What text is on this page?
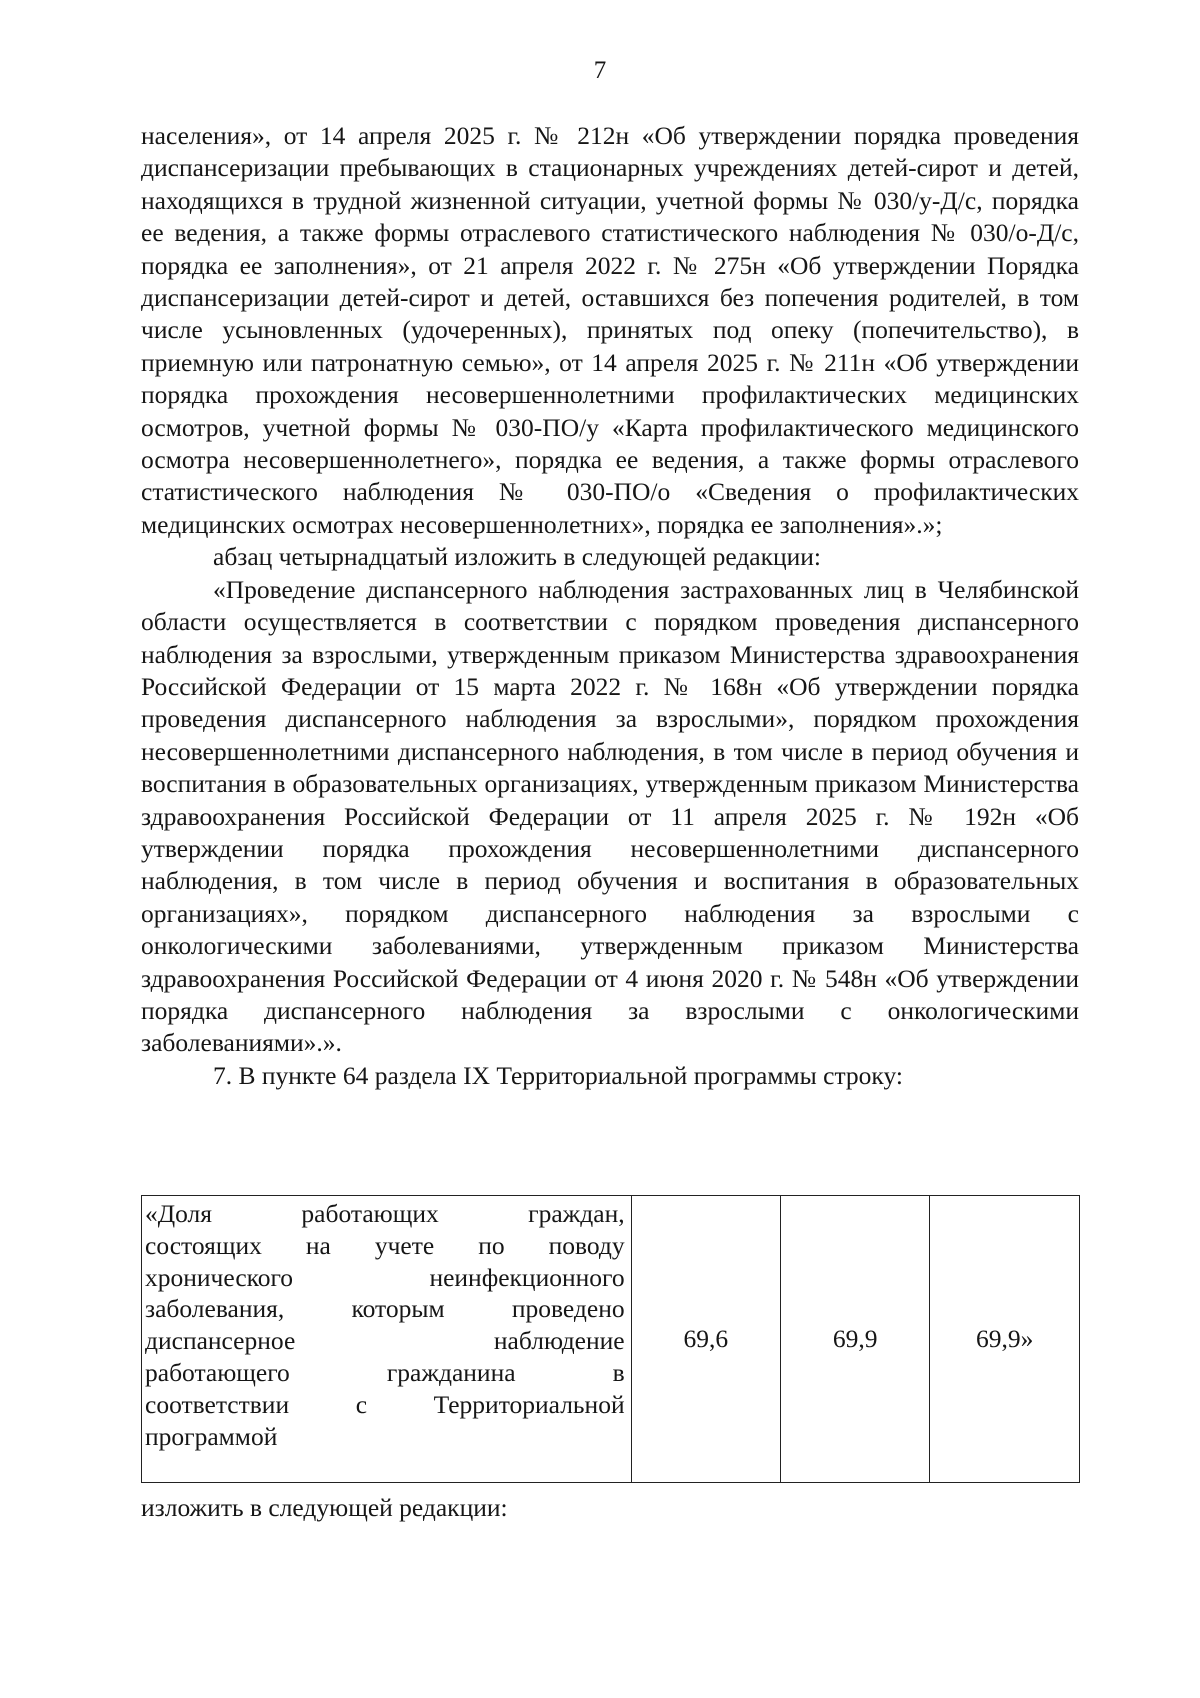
7

населения», от 14 апреля 2025 г. № 212н «Об утверждении порядка проведения диспансеризации пребывающих в стационарных учреждениях детей-сирот и детей, находящихся в трудной жизненной ситуации, учетной формы № 030/у-Д/с, порядка ее ведения, а также формы отраслевого статистического наблюдения № 030/о-Д/с, порядка ее заполнения», от 21 апреля 2022 г. № 275н «Об утверждении Порядка диспансеризации детей-сирот и детей, оставшихся без попечения родителей, в том числе усыновленных (удочеренных), принятых под опеку (попечительство), в приемную или патронатную семью», от 14 апреля 2025 г. № 211н «Об утверждении порядка прохождения несовершеннолетними профилактических медицинских осмотров, учетной формы № 030-ПО/у «Карта профилактического медицинского осмотра несовершеннолетнего», порядка ее ведения, а также формы отраслевого статистического наблюдения № 030-ПО/о «Сведения о профилактических медицинских осмотрах несовершеннолетних», порядка ее заполнения».»;

абзац четырнадцатый изложить в следующей редакции:

«Проведение диспансерного наблюдения застрахованных лиц в Челябинской области осуществляется в соответствии с порядком проведения диспансерного наблюдения за взрослыми, утвержденным приказом Министерства здравоохранения Российской Федерации от 15 марта 2022 г. № 168н «Об утверждении порядка проведения диспансерного наблюдения за взрослыми», порядком прохождения несовершеннолетними диспансерного наблюдения, в том числе в период обучения и воспитания в образовательных организациях, утвержденным приказом Министерства здравоохранения Российской Федерации от 11 апреля 2025 г. № 192н «Об утверждении порядка прохождения несовершеннолетними диспансерного наблюдения, в том числе в период обучения и воспитания в образовательных организациях», порядком диспансерного наблюдения за взрослыми с онкологическими заболеваниями, утвержденным приказом Министерства здравоохранения Российской Федерации от 4 июня 2020 г. № 548н «Об утверждении порядка диспансерного наблюдения за взрослыми с онкологическими заболеваниями».».

7. В пункте 64 раздела IX Территориальной программы строку:

«Доля работающих граждан,
состоящих на учете по поводу
хронического неинфекционного
заболевания, которым проведено
диспансерное наблюдение
работающего гражданина в
соответствии с Территориальной
программой
	69,6	69,9	69,9»
изложить в следующей редакции:
